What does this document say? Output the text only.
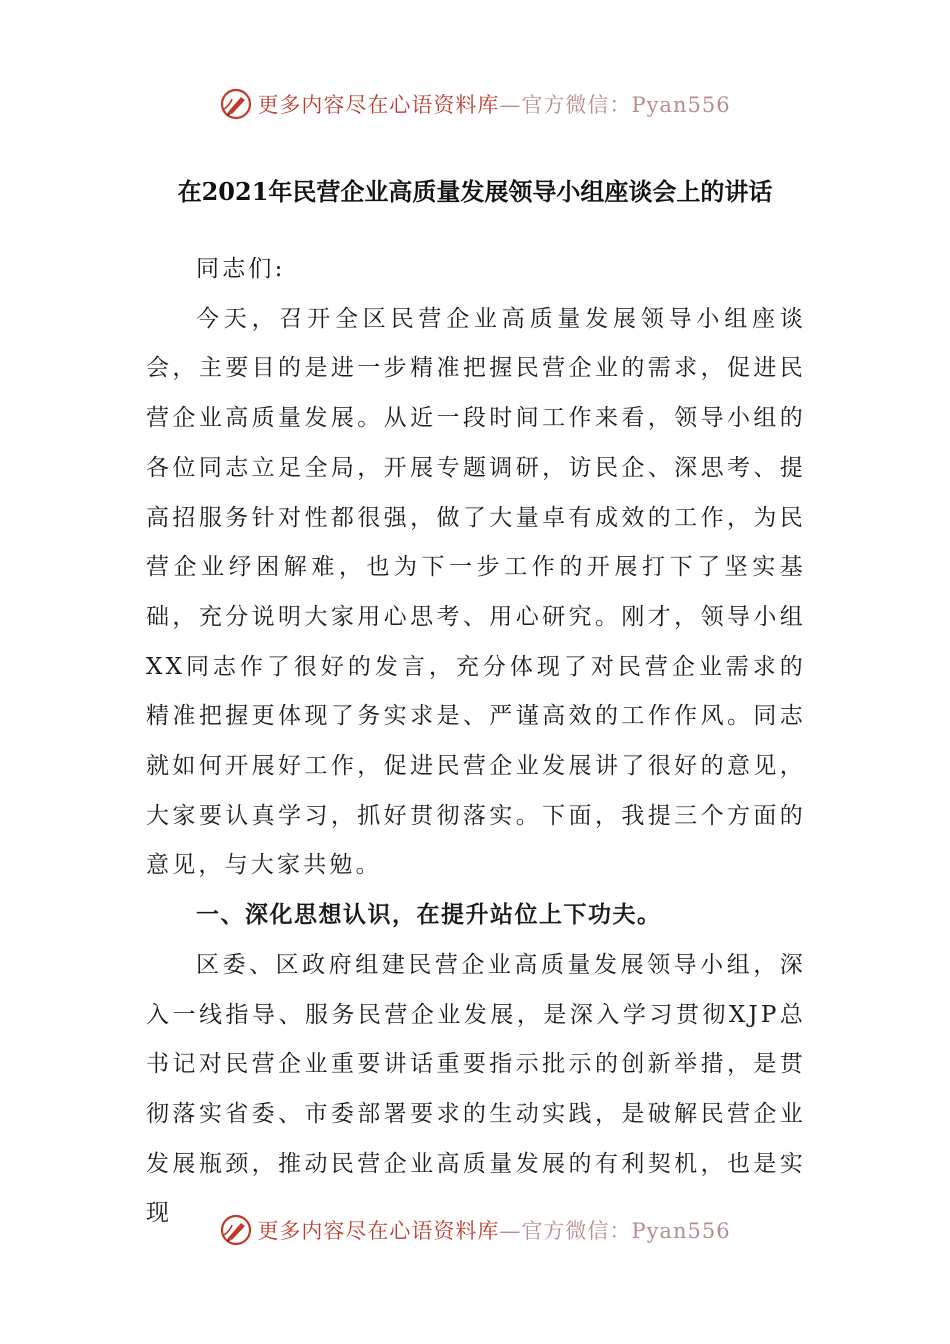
更多内容尽在心语资料库—官方微信：Pyan556
在2021年民营企业高质量发展领导小组座谈会上的讲话

同志们:

今天，召开全区民营企业高质量发展领导小组座谈会，主要目的是进一步精准把握民营企业的需求，促进民营企业高质量发展。从近一段时间工作来看，领导小组的各位同志立足全局，开展专题调研，访民企、深思考、提高招服务针对性都很强，做了大量卓有成效的工作，为民营企业纾困解难，也为下一步工作的开展打下了坚实基础，充分说明大家用心思考、用心研究。刚才，领导小组XX同志作了很好的发言，充分体现了对民营企业需求的精准把握更体现了务实求是、严谨高效的工作作风。同志就如何开展好工作，促进民营企业发展讲了很好的意见，大家要认真学习，抓好贯彻落实。下面，我提三个方面的意见，与大家共勉。

一、深化思想认识，在提升站位上下功夫。

区委、区政府组建民营企业高质量发展领导小组，深入一线指导、服务民营企业发展，是深入学习贯彻XJP总书记对民营企业重要讲话重要指示批示的创新举措，是贯彻落实省委、市委部署要求的生动实践，是破解民营企业发展瓶颈，推动民营企业高质量发展的有利契机，也是实现

更多内容尽在心语资料库—官方微信：Pyan556
